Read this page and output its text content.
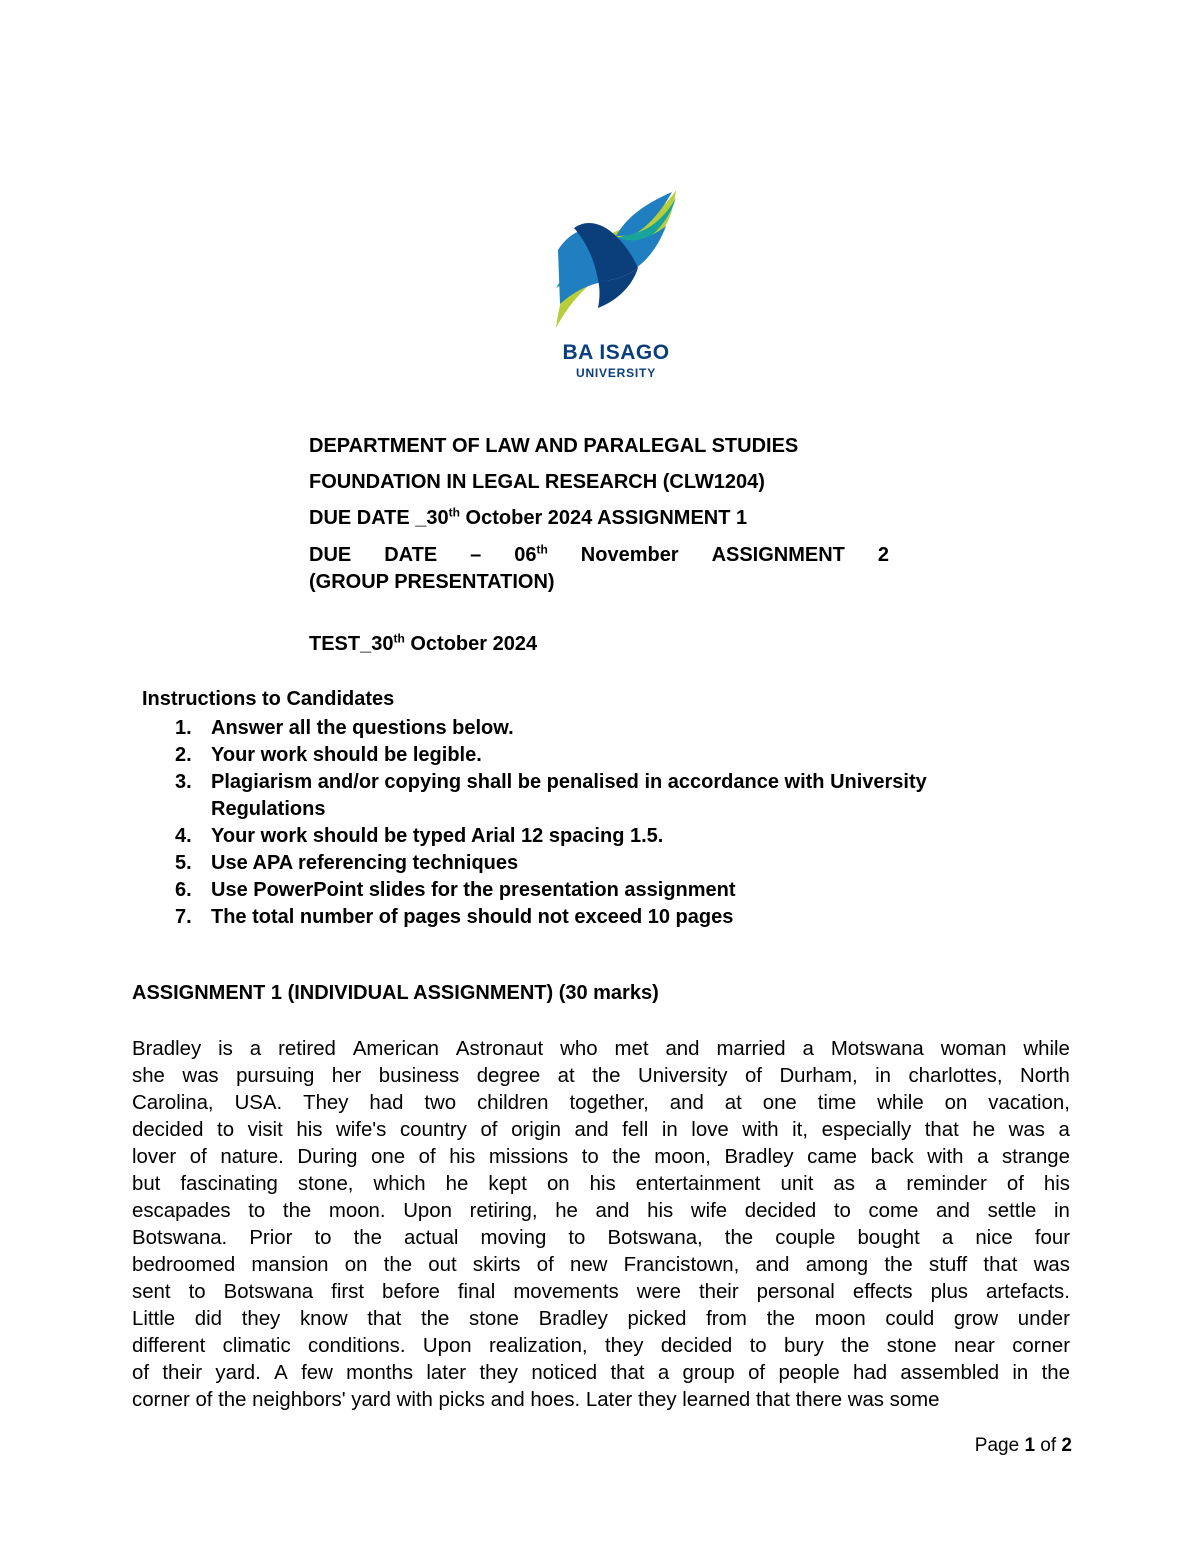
BA ISAGO
UNIVERSITY
DEPARTMENT OF LAW AND PARALEGAL STUDIES
FOUNDATION IN LEGAL RESEARCH (CLW1204)
DUE DATE _30th October 2024 ASSIGNMENT 1
DUE DATE – 06th November ASSIGNMENT 2
(GROUP PRESENTATION)
TEST_30th October 2024
Instructions to Candidates
1. Answer all the questions below.
2. Your work should be legible.
3. Plagiarism and/or copying shall be penalised in accordance with University
Regulations
4. Your work should be typed Arial 12 spacing 1.5.
5. Use APA referencing techniques
6. Use PowerPoint slides for the presentation assignment
7. The total number of pages should not exceed 10 pages
ASSIGNMENT 1 (INDIVIDUAL ASSIGNMENT) (30 marks)
Bradley is a retired American Astronaut who met and married a Motswana woman while
she was pursuing her business degree at the University of Durham, in charlottes, North
Carolina, USA. They had two children together, and at one time while on vacation,
decided to visit his wife's country of origin and fell in love with it, especially that he was a
lover of nature. During one of his missions to the moon, Bradley came back with a strange
but fascinating stone, which he kept on his entertainment unit as a reminder of his
escapades to the moon. Upon retiring, he and his wife decided to come and settle in
Botswana. Prior to the actual moving to Botswana, the couple bought a nice four
bedroomed mansion on the out skirts of new Francistown, and among the stuff that was
sent to Botswana first before final movements were their personal effects plus artefacts.
Little did they know that the stone Bradley picked from the moon could grow under
different climatic conditions. Upon realization, they decided to bury the stone near corner
of their yard. A few months later they noticed that a group of people had assembled in the
corner of the neighbors' yard with picks and hoes. Later they learned that there was some
Page 1 of 2
